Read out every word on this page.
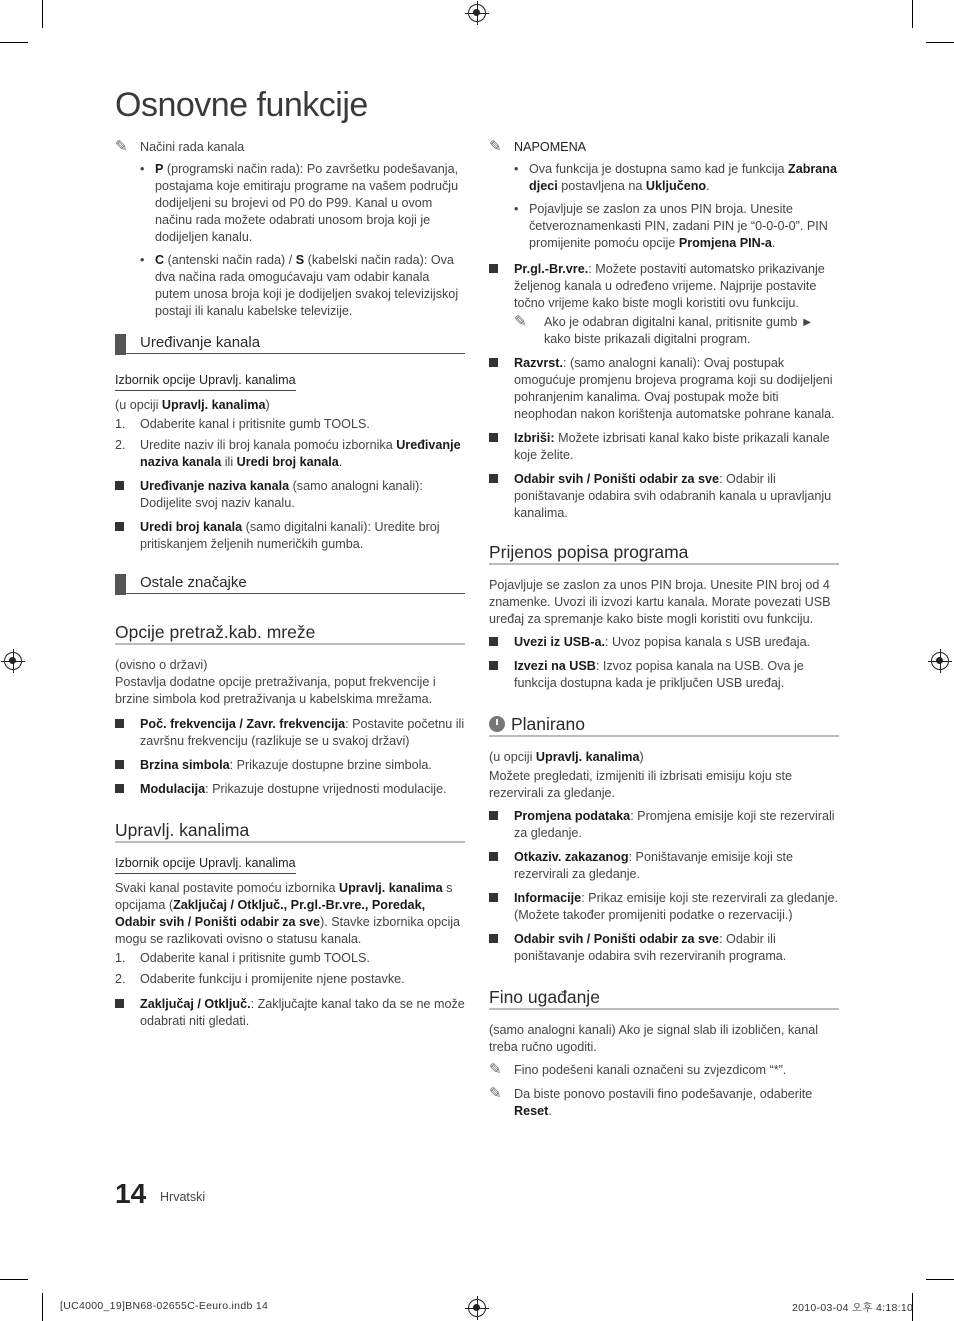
Osnovne funkcije
✎ Načini rada kanala
• P (programski način rada): Po završetku podešavanja, postajama koje emitiraju programe na vašem području dodijeljeni su brojevi od P0 do P99. Kanal u ovom načinu rada možete odabrati unosom broja koji je dodijeljen kanalu.
• C (antenski način rada) / S (kabelski način rada): Ova dva načina rada omogućavaju vam odabir kanala putem unosa broja koji je dodijeljen svakoj televizijskoj postaji ili kanalu kabelske televizije.
Uređivanje kanala
Izbornik opcije Upravlj. kanalima
(u opciji Upravlj. kanalima)
1. Odaberite kanal i pritisnite gumb TOOLS.
2. Uredite naziv ili broj kanala pomoću izbornika Uređivanje naziva kanala ili Uredi broj kanala.
Uređivanje naziva kanala (samo analogni kanali): Dodijelite svoj naziv kanalu.
Uredi broj kanala (samo digitalni kanali): Uredite broj pritiskanjem željenih numeričkih gumba.
Ostale značajke
Opcije pretraž.kab. mreže
(ovisno o državi)
Postavlja dodatne opcije pretraživanja, poput frekvencije i brzine simbola kod pretraživanja u kabelskima mrežama.
Poč. frekvencija / Zavr. frekvencija: Postavite početnu ili završnu frekvenciju (razlikuje se u svakoj državi)
Brzina simbola: Prikazuje dostupne brzine simbola.
Modulacija: Prikazuje dostupne vrijednosti modulacije.
Upravlj. kanalima
Izbornik opcije Upravlj. kanalima
Svaki kanal postavite pomoću izbornika Upravlj. kanalima s opcijama (Zaključaj / Otključ., Pr.gl.-Br.vre., Poredak, Odabir svih / Poništi odabir za sve). Stavke izbornika opcija mogu se razlikovati ovisno o statusu kanala.
1. Odaberite kanal i pritisnite gumb TOOLS.
2. Odaberite funkciju i promijenite njene postavke.
Zaključaj / Otključ.: Zaključajte kanal tako da se ne može odabrati niti gledati.
✎ NAPOMENA
• Ova funkcija je dostupna samo kad je funkcija Zabrana djeci postavljena na Uključeno.
• Pojavljuje se zaslon za unos PIN broja. Unesite četveroznamenkasti PIN, zadani PIN je “0-0-0-0”. PIN promijenite pomoću opcije Promjena PIN-a.
Pr.gl.-Br.vre.: Možete postaviti automatsko prikazivanje željenog kanala u određeno vrijeme. Najprije postavite točno vrijeme kako biste mogli koristiti ovu funkciju.
✎ Ako je odabran digitalni kanal, pritisnite gumb ► kako biste prikazali digitalni program.
Razvrst.: (samo analogni kanali): Ovaj postupak omogućuje promjenu brojeva programa koji su dodijeljeni pohranjenim kanalima. Ovaj postupak može biti neophodan nakon korištenja automatske pohrane kanala.
Izbriši: Možete izbrisati kanal kako biste prikazali kanale koje želite.
Odabir svih / Poništi odabir za sve: Odabir ili poništavanje odabira svih odabranih kanala u upravljanju kanalima.
Prijenos popisa programa
Pojavljuje se zaslon za unos PIN broja. Unesite PIN broj od 4 znamenke. Uvozi ili izvozi kartu kanala. Morate povezati USB uređaj za spremanje kako biste mogli koristiti ovu funkciju.
Uvezi iz USB-a.: Uvoz popisa kanala s USB uređaja.
Izvezi na USB: Izvoz popisa kanala na USB. Ova je funkcija dostupna kada je priključen USB uređaj.
Planirano
(u opciji Upravlj. kanalima)
Možete pregledati, izmijeniti ili izbrisati emisiju koju ste rezervirali za gledanje.
Promjena podataka: Promjena emisije koji ste rezervirali za gledanje.
Otkaziv. zakazanog: Poništavanje emisije koji ste rezervirali za gledanje.
Informacije: Prikaz emisije koji ste rezervirali za gledanje. (Možete također promijeniti podatke o rezervaciji.)
Odabir svih / Poništi odabir za sve: Odabir ili poništavanje odabira svih rezerviranih programa.
Fino ugađanje
(samo analogni kanali) Ako je signal slab ili izobličen, kanal treba ručno ugoditi.
✎ Fino podešeni kanali označeni su zvjezdicom “*”.
✎ Da biste ponovo postavili fino podešavanje, odaberite Reset.
14 Hrvatski
[UC4000_19]BN68-02655C-Eeuro.indb 14	2010-03-04 오후 4:18:10
